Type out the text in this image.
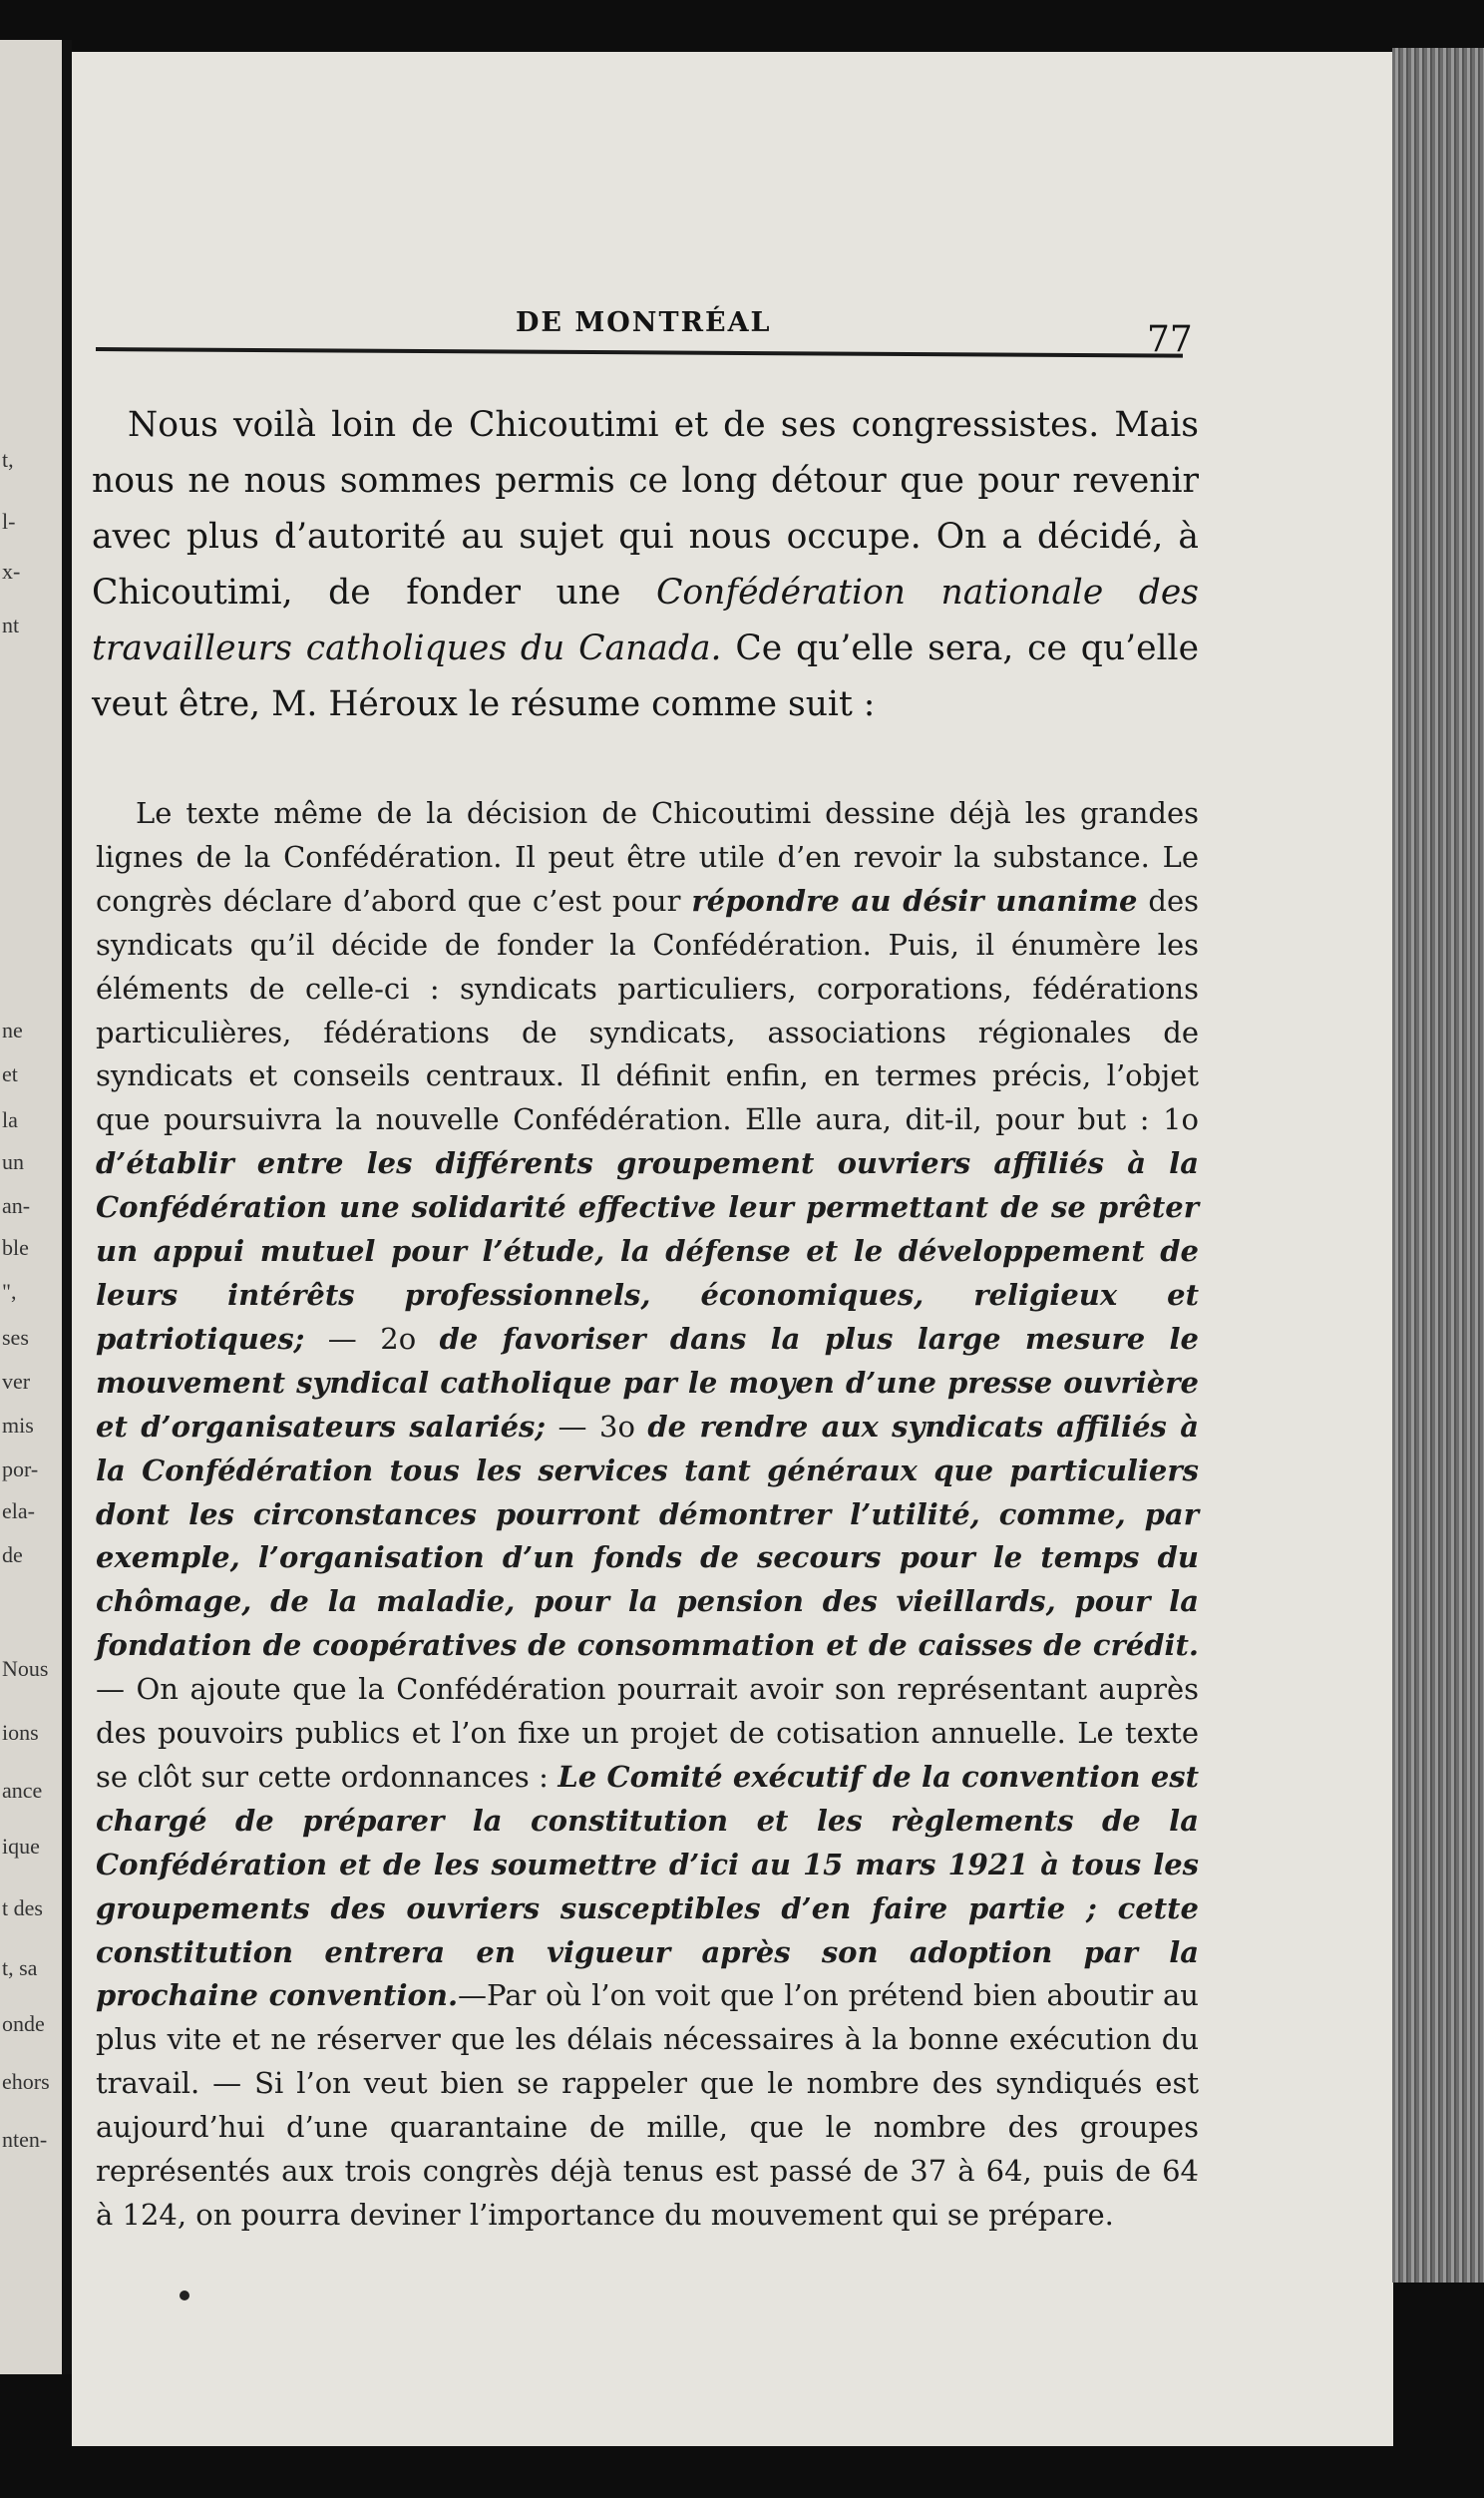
t,
l-
x-
nt
ne
et
la
un
an-
ble
",
ses
ver
mis
por-
ela-
de
Nous
ions
ance
ique
t des
t, sa
onde
ehors
nten-
DE MONTRÉAL	77
Nous voilà loin de Chicoutimi et de ses congressistes. Mais nous ne nous sommes permis ce long détour que pour revenir avec plus d’autorité au sujet qui nous occupe. On a décidé, à Chicoutimi, de fonder une Confédération nationale des travailleurs catholiques du Canada. Ce qu’elle sera, ce qu’elle veut être, M. Héroux le résume comme suit :
Le texte même de la décision de Chicoutimi dessine déjà les grandes lignes de la Confédération. Il peut être utile d’en revoir la substance. Le congrès déclare d’abord que c’est pour répondre au désir unanime des syndicats qu’il décide de fonder la Confédération. Puis, il énumère les éléments de celle-ci : syndicats particuliers, corporations, fédérations particulières, fédérations de syndicats, associations régionales de syndicats et conseils centraux. Il définit enfin, en termes précis, l’objet que poursuivra la nouvelle Confédération. Elle aura, dit-il, pour but : 1o d’établir entre les différents groupement ouvriers affiliés à la Confédération une solidarité effective leur permettant de se prêter un appui mutuel pour l’étude, la défense et le développement de leurs intérêts professionnels, économiques, religieux et patriotiques; — 2o de favoriser dans la plus large mesure le mouvement syndical catholique par le moyen d’une presse ouvrière et d’organisateurs salariés; — 3o de rendre aux syndicats affiliés à la Confédération tous les services tant généraux que particuliers dont les circonstances pourront démontrer l’utilité, comme, par exemple, l’organisation d’un fonds de secours pour le temps du chômage, de la maladie, pour la pension des vieillards, pour la fondation de coopératives de consommation et de caisses de crédit. — On ajoute que la Confédération pourrait avoir son représentant auprès des pouvoirs publics et l’on fixe un projet de cotisation annuelle. Le texte se clôt sur cette ordonnances : Le Comité exécutif de la convention est chargé de préparer la constitution et les règlements de la Confédération et de les soumettre d’ici au 15 mars 1921 à tous les groupements des ouvriers susceptibles d’en faire partie ; cette constitution entrera en vigueur après son adoption par la prochaine convention.—Par où l’on voit que l’on prétend bien aboutir au plus vite et ne réserver que les délais nécessaires à la bonne exécution du travail. — Si l’on veut bien se rappeler que le nombre des syndiqués est aujourd’hui d’une quarantaine de mille, que le nombre des groupes représentés aux trois congrès déjà tenus est passé de 37 à 64, puis de 64 à 124, on pourra deviner l’importance du mouvement qui se prépare.
